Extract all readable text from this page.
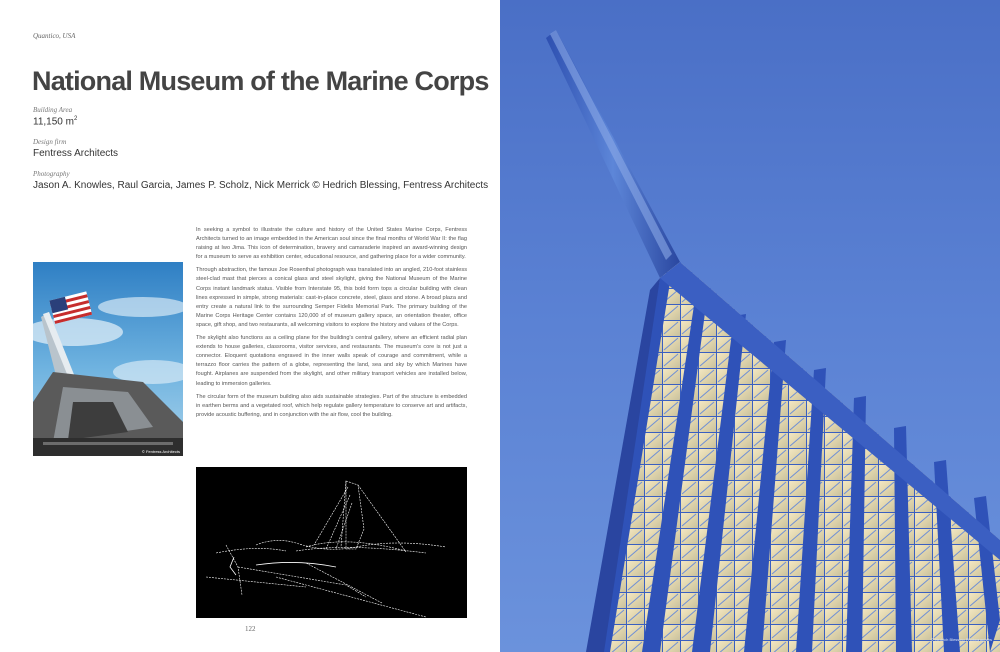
Quantico, USA
National Museum of the Marine Corps
Building Area
11,150 $m^2$
Design firm
Fentress Architects
Photography
Jason A. Knowles, Raul Garcia, James P. Scholz, Nick Merrick © Hedrich Blessing, Fentress Architects
© Fentress Architects

In seeking a symbol to illustrate the culture and history of the United States Marine Corps, Fentress Architects turned to an image embedded in the American soul since the final months of World War II: the flag raising at Iwo Jima. This icon of determination, bravery and camaraderie inspired an award-winning design for a museum to serve as exhibition center, educational resource, and gathering place for a wider community.

Through abstraction, the famous Joe Rosenthal photograph was translated into an angled, 210-foot stainless steel-clad mast that pierces a conical glass and steel skylight, giving the National Museum of the Marine Corps instant landmark status. Visible from Interstate 95, this bold form tops a circular building with clean lines expressed in simple, strong materials: cast-in-place concrete, steel, glass and stone. A broad plaza and entry create a natural link to the surrounding Semper Fidelis Memorial Park. The primary building of the Marine Corps Heritage Center contains 120,000 sf of museum gallery space, an orientation theater, office space, gift shop, and two restaurants, all welcoming visitors to explore the history and values of the Corps.

The skylight also functions as a ceiling plane for the building's central gallery, where an efficient radial plan extends to house galleries, classrooms, visitor services, and restaurants. The museum's core is not just a connector. Eloquent quotations engraved in the inner walls speak of courage and commitment, while a terrazzo floor carries the pattern of a globe, representing the land, sea and sky by which Marines have fought. Airplanes are suspended from the skylight, and other military transport vehicles are installed below, leading to immersion galleries.

The circular form of the museum building also aids sustainable strategies. Part of the structure is embedded in earthen berms and a vegetated roof, which help regulate gallery temperature to conserve art and artifacts, provide acoustic buffering, and in conjunction with the air flow, cool the building.

122
© Hedrich Blessing Photographers
